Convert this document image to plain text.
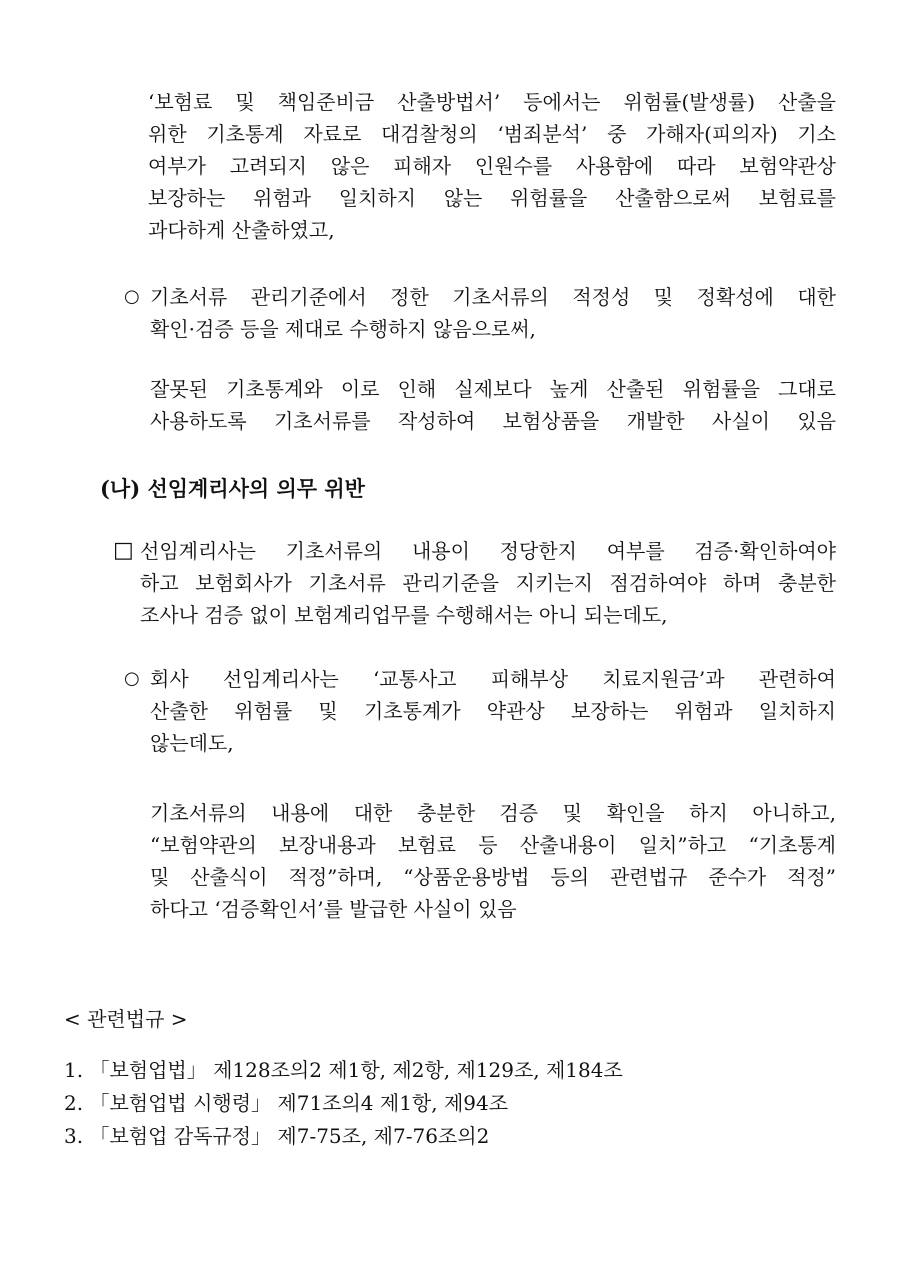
‘보험료 및 책임준비금 산출방법서’ 등에서는 위험률(발생률) 산출을
위한 기초통계 자료로 대검찰청의 ‘범죄분석’ 중 가해자(피의자) 기소
여부가 고려되지 않은 피해자 인원수를 사용함에 따라 보험약관상
보장하는 위험과 일치하지 않는 위험률을 산출함으로써 보험료를
과다하게 산출하였고,
○ 기초서류 관리기준에서 정한 기초서류의 적정성 및 정확성에 대한
확인·검증 등을 제대로 수행하지 않음으로써,
잘못된 기초통계와 이로 인해 실제보다 높게 산출된 위험률을 그대로
사용하도록 기초서류를 작성하여 보험상품을 개발한 사실이 있음
(나) 선임계리사의 의무 위반
□ 선임계리사는 기초서류의 내용이 정당한지 여부를 검증·확인하여야
하고 보험회사가 기초서류 관리기준을 지키는지 점검하여야 하며 충분한
조사나 검증 없이 보험계리업무를 수행해서는 아니 되는데도,
○ 회사 선임계리사는 ‘교통사고 피해부상 치료지원금’과 관련하여
산출한 위험률 및 기초통계가 약관상 보장하는 위험과 일치하지
않는데도,
기초서류의 내용에 대한 충분한 검증 및 확인을 하지 아니하고,
“보험약관의 보장내용과 보험료 등 산출내용이 일치”하고 “기초통계
및 산출식이 적정”하며, “상품운용방법 등의 관련법규 준수가 적정”
하다고 ‘검증확인서’를 발급한 사실이 있음
< 관련법규 >
1. 「보험업법」 제128조의2 제1항, 제2항, 제129조, 제184조
2. 「보험업법 시행령」 제71조의4 제1항, 제94조
3. 「보험업 감독규정」 제7-75조, 제7-76조의2
